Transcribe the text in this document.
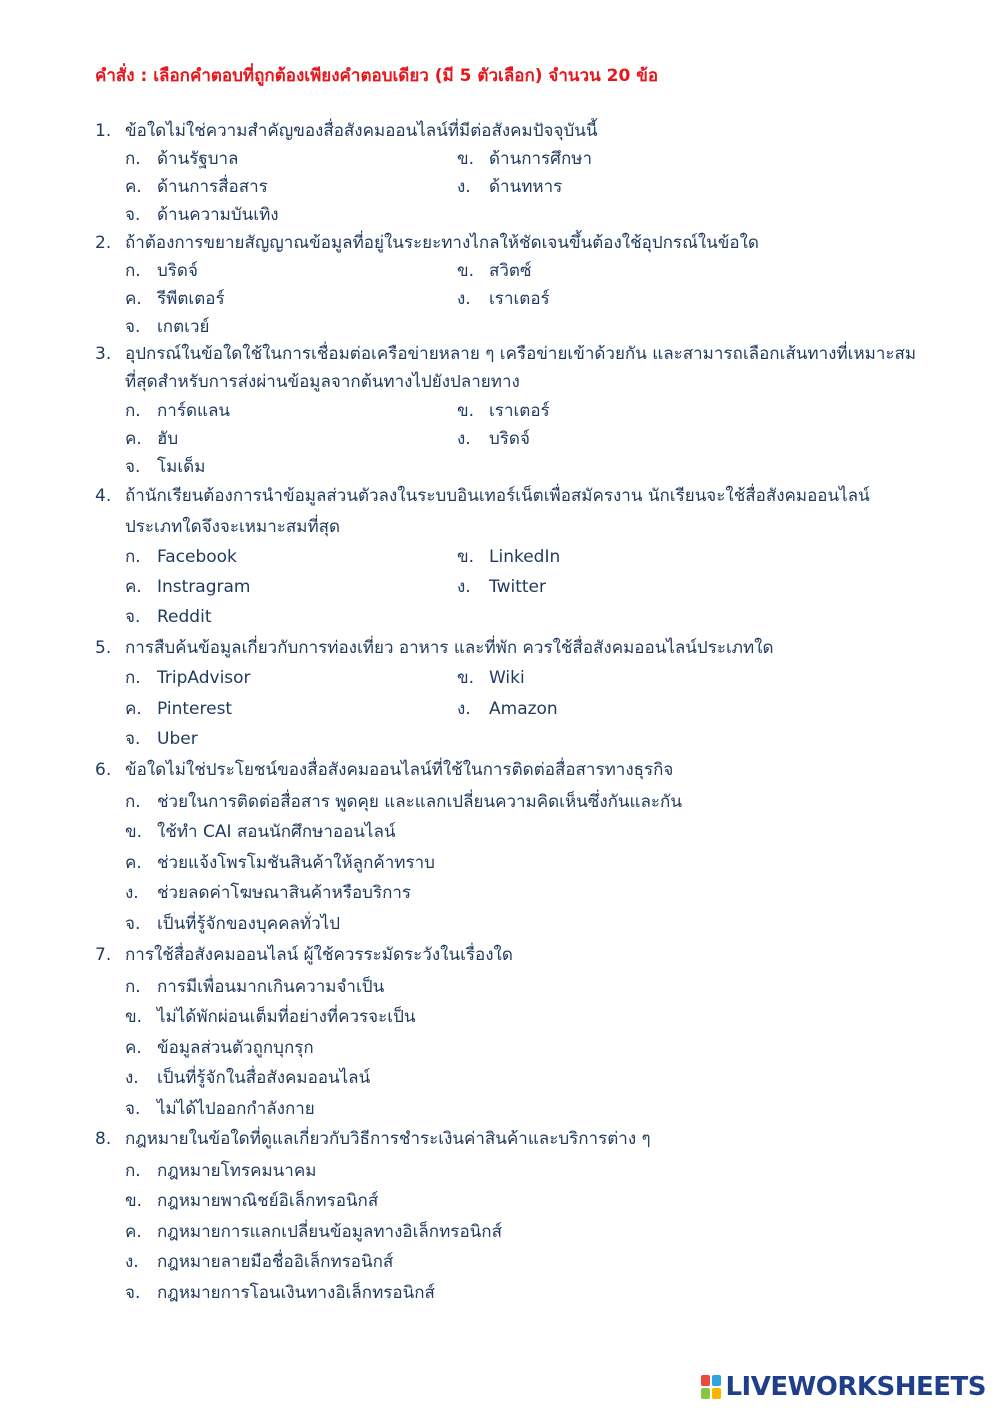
คำสั่ง : เลือกคำตอบที่ถูกต้องเพียงคำตอบเดียว (มี 5 ตัวเลือก) จำนวน 20 ข้อ
1. ข้อใดไม่ใช่ความสำคัญของสื่อสังคมออนไลน์ที่มีต่อสังคมปัจจุบันนี้
ก. ด้านรัฐบาล	ข. ด้านการศึกษา
ค. ด้านการสื่อสาร	ง. ด้านทหาร
จ. ด้านความบันเทิง
2. ถ้าต้องการขยายสัญญาณข้อมูลที่อยู่ในระยะทางไกลให้ชัดเจนขึ้นต้องใช้อุปกรณ์ในข้อใด
ก. บริดจ์	ข. สวิตซ์
ค. รีพีตเตอร์	ง. เราเตอร์
จ. เกตเวย์
3. อุปกรณ์ในข้อใดใช้ในการเชื่อมต่อเครือข่ายหลาย ๆ เครือข่ายเข้าด้วยกัน และสามารถเลือกเส้นทางที่เหมาะสมที่สุดสำหรับการส่งผ่านข้อมูลจากต้นทางไปยังปลายทาง
ก. การ์ดแลน	ข. เราเตอร์
ค. ฮับ	ง. บริดจ์
จ. โมเด็ม
4. ถ้านักเรียนต้องการนำข้อมูลส่วนตัวลงในระบบอินเทอร์เน็ตเพื่อสมัครงาน นักเรียนจะใช้สื่อสังคมออนไลน์ประเภทใดจึงจะเหมาะสมที่สุด
ก. Facebook	ข. LinkedIn
ค. Instragram	ง. Twitter
จ. Reddit
5. การสืบค้นข้อมูลเกี่ยวกับการท่องเที่ยว อาหาร และที่พัก ควรใช้สื่อสังคมออนไลน์ประเภทใด
ก. TripAdvisor	ข. Wiki
ค. Pinterest	ง. Amazon
จ. Uber
6. ข้อใดไม่ใช่ประโยชน์ของสื่อสังคมออนไลน์ที่ใช้ในการติดต่อสื่อสารทางธุรกิจ
ก. ช่วยในการติดต่อสื่อสาร พูดคุย และแลกเปลี่ยนความคิดเห็นซึ่งกันและกัน
ข. ใช้ทำ CAI สอนนักศึกษาออนไลน์
ค. ช่วยแจ้งโพรโมชันสินค้าให้ลูกค้าทราบ
ง. ช่วยลดค่าโฆษณาสินค้าหรือบริการ
จ. เป็นที่รู้จักของบุคคลทั่วไป
7. การใช้สื่อสังคมออนไลน์ ผู้ใช้ควรระมัดระวังในเรื่องใด
ก. การมีเพื่อนมากเกินความจำเป็น
ข. ไม่ได้พักผ่อนเต็มที่อย่างที่ควรจะเป็น
ค. ข้อมูลส่วนตัวถูกบุกรุก
ง. เป็นที่รู้จักในสื่อสังคมออนไลน์
จ. ไม่ได้ไปออกกำลังกาย
8. กฎหมายในข้อใดที่ดูแลเกี่ยวกับวิธีการชำระเงินค่าสินค้าและบริการต่าง ๆ
ก. กฎหมายโทรคมนาคม
ข. กฎหมายพาณิชย์อิเล็กทรอนิกส์
ค. กฎหมายการแลกเปลี่ยนข้อมูลทางอิเล็กทรอนิกส์
ง. กฎหมายลายมือชื่ออิเล็กทรอนิกส์
จ. กฎหมายการโอนเงินทางอิเล็กทรอนิกส์
LIVEWORKSHEETS
